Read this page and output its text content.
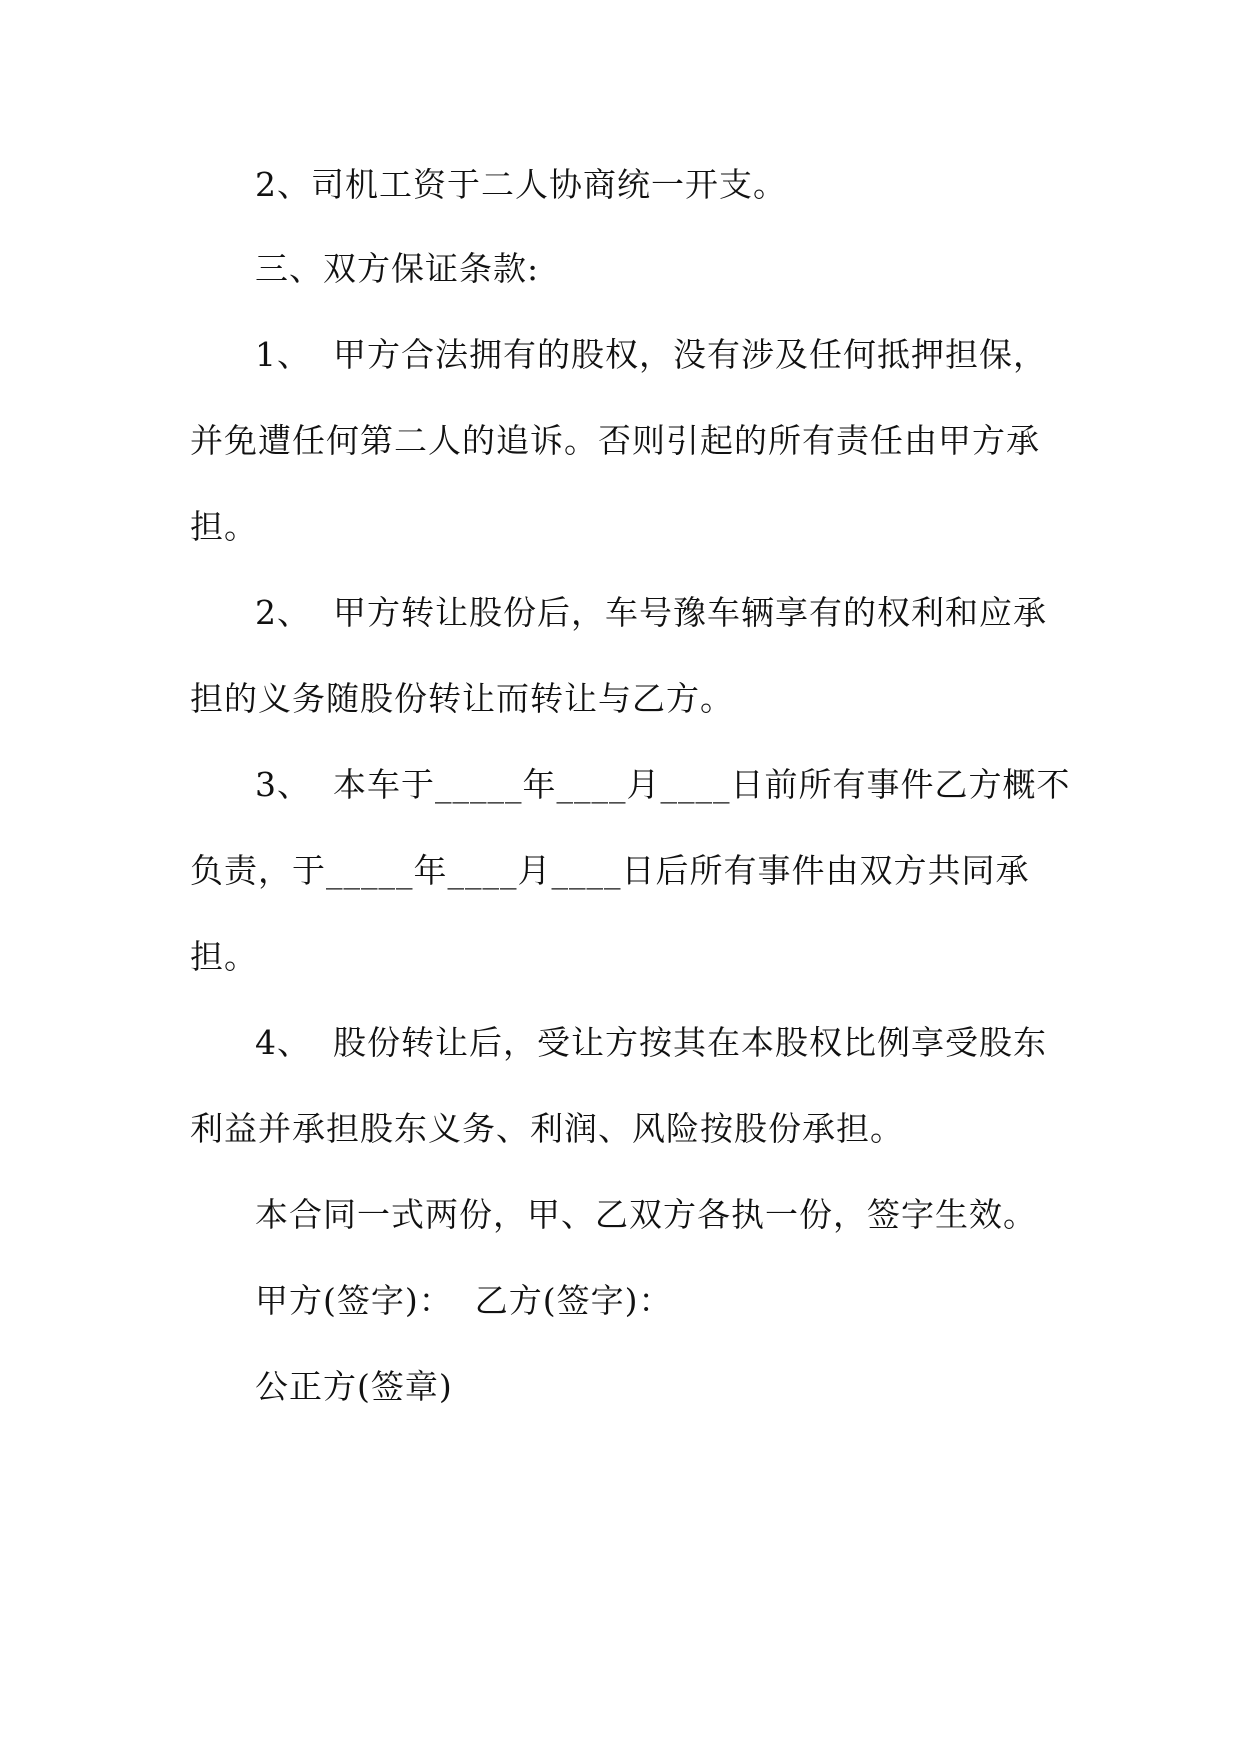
2、司机工资于二人协商统一开支。
三、双方保证条款:
1、 甲方合法拥有的股权，没有涉及任何抵押担保，
并免遭任何第二人的追诉。否则引起的所有责任由甲方承
担。
2、 甲方转让股份后，车号豫车辆享有的权利和应承
担的义务随股份转让而转让与乙方。
3、 本车于_____年____月____日前所有事件乙方概不
负责，于_____年____月____日后所有事件由双方共同承
担。
4、 股份转让后，受让方按其在本股权比例享受股东
利益并承担股东义务、利润、风险按股份承担。
本合同一式两份，甲、乙双方各执一份，签字生效。
甲方(签字)： 乙方(签字)：
公正方(签章)
